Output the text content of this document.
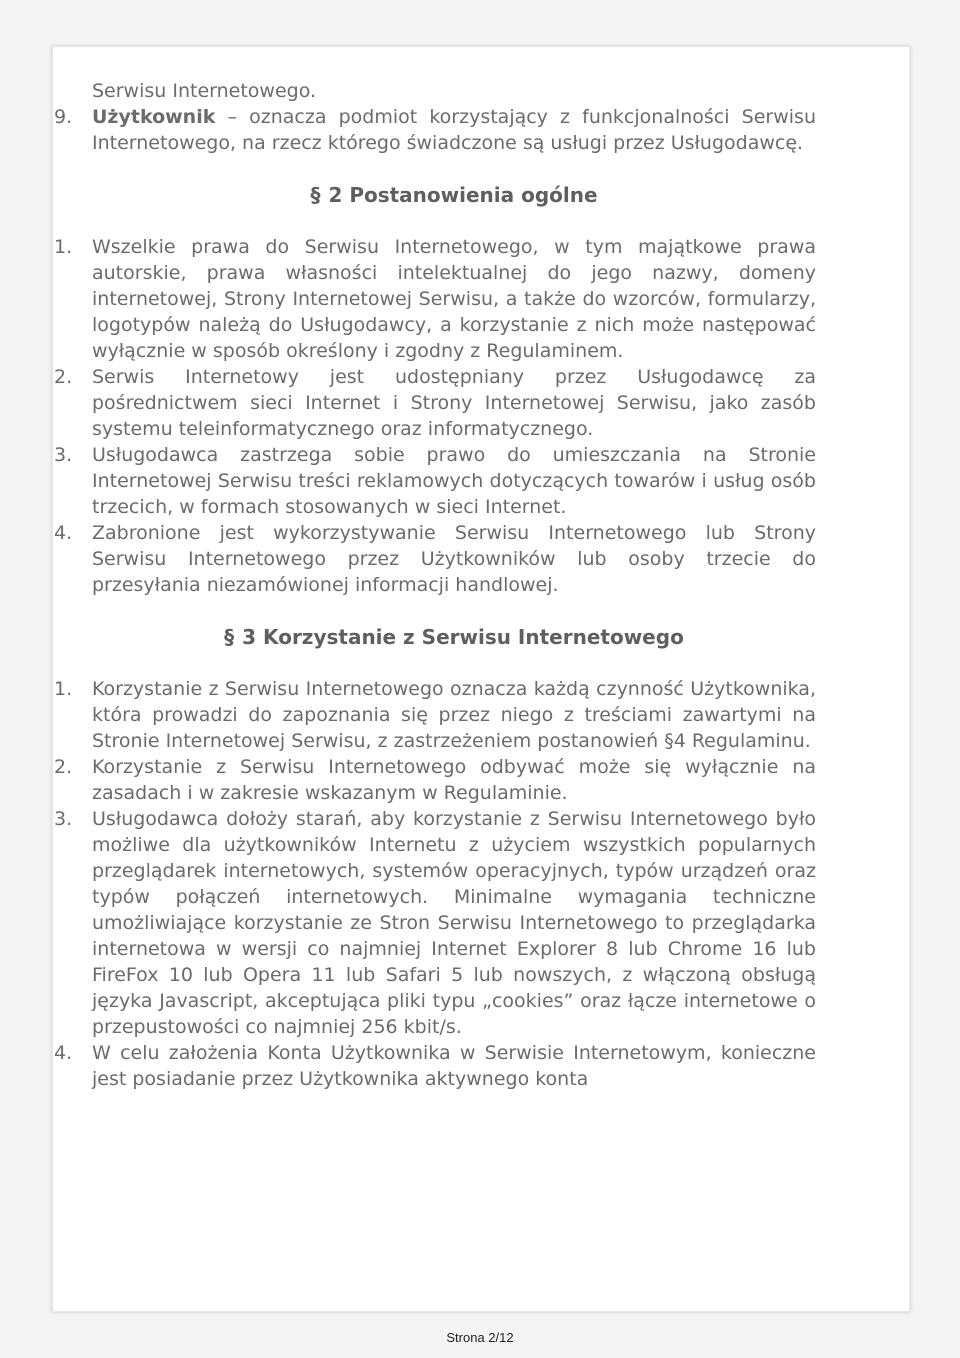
Serwisu Internetowego.
9. Użytkownik – oznacza podmiot korzystający z funkcjonalności Serwisu Internetowego, na rzecz którego świadczone są usługi przez Usługodawcę.
§ 2 Postanowienia ogólne
1. Wszelkie prawa do Serwisu Internetowego, w tym majątkowe prawa autorskie, prawa własności intelektualnej do jego nazwy, domeny internetowej, Strony Internetowej Serwisu, a także do wzorców, formularzy, logotypów należą do Usługodawcy, a korzystanie z nich może następować wyłącznie w sposób określony i zgodny z Regulaminem.
2. Serwis Internetowy jest udostępniany przez Usługodawcę za pośrednictwem sieci Internet i Strony Internetowej Serwisu, jako zasób systemu teleinformatycznego oraz informatycznego.
3. Usługodawca zastrzega sobie prawo do umieszczania na Stronie Internetowej Serwisu treści reklamowych dotyczących towarów i usług osób trzecich, w formach stosowanych w sieci Internet.
4. Zabronione jest wykorzystywanie Serwisu Internetowego lub Strony Serwisu Internetowego przez Użytkowników lub osoby trzecie do przesyłania niezamówionej informacji handlowej.
§ 3 Korzystanie z Serwisu Internetowego
1. Korzystanie z Serwisu Internetowego oznacza każdą czynność Użytkownika, która prowadzi do zapoznania się przez niego z treściami zawartymi na Stronie Internetowej Serwisu, z zastrzeżeniem postanowień §4 Regulaminu.
2. Korzystanie z Serwisu Internetowego odbywać może się wyłącznie na zasadach i w zakresie wskazanym w Regulaminie.
3. Usługodawca dołoży starań, aby korzystanie z Serwisu Internetowego było możliwe dla użytkowników Internetu z użyciem wszystkich popularnych przeglądarek internetowych, systemów operacyjnych, typów urządzeń oraz typów połączeń internetowych. Minimalne wymagania techniczne umożliwiające korzystanie ze Stron Serwisu Internetowego to przeglądarka internetowa w wersji co najmniej Internet Explorer 8 lub Chrome 16 lub FireFox 10 lub Opera 11 lub Safari 5 lub nowszych, z włączoną obsługą języka Javascript, akceptująca pliki typu „cookies” oraz łącze internetowe o przepustowości co najmniej 256 kbit/s.
4. W celu założenia Konta Użytkownika w Serwisie Internetowym, konieczne jest posiadanie przez Użytkownika aktywnego konta
Strona 2/12
